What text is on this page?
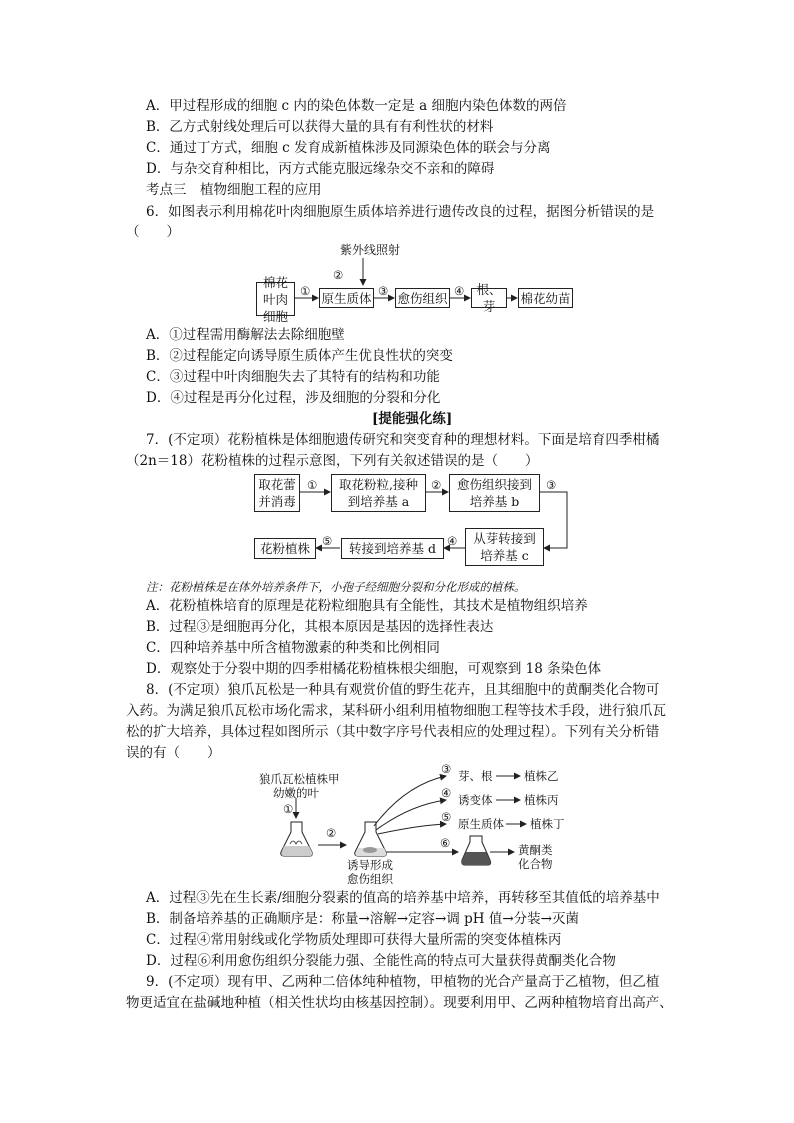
A．甲过程形成的细胞 c 内的染色体数一定是 a 细胞内染色体数的两倍
B．乙方式射线处理后可以获得大量的具有有利性状的材料
C．通过丁方式，细胞 c 发育成新植株涉及同源染色体的联会与分离
D．与杂交育种相比，丙方式能克服远缘杂交不亲和的障碍
考点三　植物细胞工程的应用
6．如图表示利用棉花叶肉细胞原生质体培养进行遗传改良的过程，据图分析错误的是
（　　）
紫外线照射
②
棉花叶肉细胞
① 原生质体 ③ 愈伤组织 ④ 根、芽
棉花幼苗
A．①过程需用酶解法去除细胞壁
B．②过程能定向诱导原生质体产生优良性状的突变
C．③过程中叶肉细胞失去了其特有的结构和功能
D．④过程是再分化过程，涉及细胞的分裂和分化
[提能强化练]
7．(不定项）花粉植株是体细胞遗传研究和突变育种的理想材料。下面是培育四季柑橘
（2n＝18）花粉植株的过程示意图，下列有关叙述错误的是（　　）
取花蕾并消毒
①	取花粉粒,接种到培养基 a
②	愈伤组织接到培养基 b
③
从芽转接到培养基 c
④
转接到培养基 d
⑤
花粉植株
注：花粉植株是在体外培养条件下，小孢子经细胞分裂和分化形成的植株。
A．花粉植株培育的原理是花粉粒细胞具有全能性，其技术是植物组织培养
B．过程③是细胞再分化，其根本原因是基因的选择性表达
C．四种培养基中所含植物激素的种类和比例相同
D．观察处于分裂中期的四季柑橘花粉植株根尖细胞，可观察到 18 条染色体
8．(不定项）狼爪瓦松是一种具有观赏价值的野生花卉，且其细胞中的黄酮类化合物可
入药。为满足狼爪瓦松市场化需求，某科研小组利用植物细胞工程等技术手段，进行狼爪瓦
松的扩大培养，具体过程如图所示（其中数字序号代表相应的处理过程）。下列有关分析错
误的有（　　）
狼爪瓦松植株甲
幼嫩的叶
①
②
诱导形成
愈伤组织
③ 芽、根	植株乙
④ 诱变体	植株丙
⑤ 原生质体 植株丁
⑥	黄酮类
化合物
A．过程③先在生长素/细胞分裂素的值高的培养基中培养，再转移至其值低的培养基中
B．制备培养基的正确顺序是：称量→溶解→定容→调 pH 值→分装→灭菌
C．过程④常用射线或化学物质处理即可获得大量所需的突变体植株丙
D．过程⑥利用愈伤组织分裂能力强、全能性高的特点可大量获得黄酮类化合物
9．(不定项）现有甲、乙两种二倍体纯种植物，甲植物的光合产量高于乙植物，但乙植
物更适宜在盐碱地种植（相关性状均由核基因控制）。现要利用甲、乙两种植物培育出高产、
